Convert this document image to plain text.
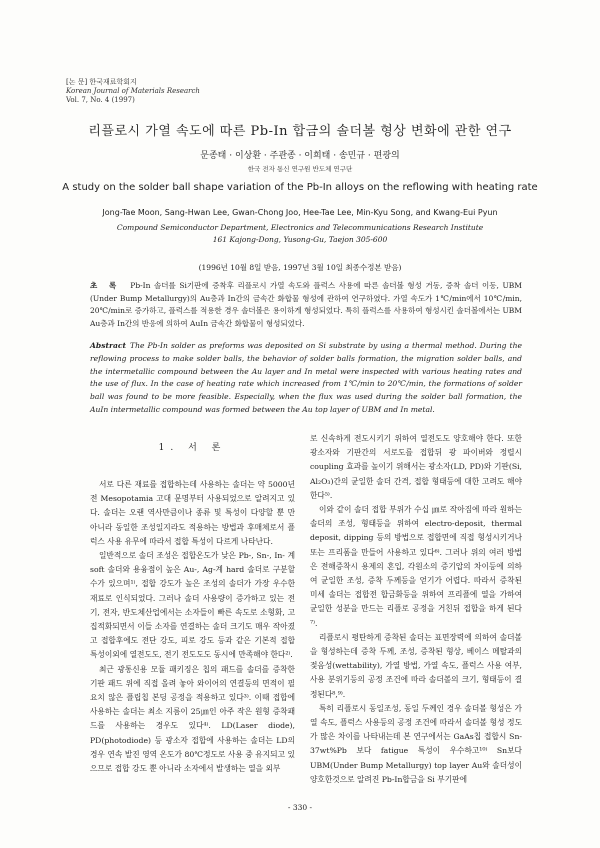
[논 문] 한국재료학회지
Korean Journal of Materials Research
Vol. 7, No. 4 (1997)
리플로시 가열 속도에 따른 Pb-In 합금의 솔더볼 형상 변화에 관한 연구
문종태 · 이상환 · 주관종 · 이희태 · 송민규 · 편광의
한국 전자 통신 연구원 반도체 연구단
A study on the solder ball shape variation of the Pb-In alloys on the reflowing with heating rate
Jong-Tae Moon, Sang-Hwan Lee, Gwan-Chong Joo, Hee-Tae Lee, Min-Kyu Song, and Kwang-Eui Pyun
Compound Semiconductor Department, Electronics and Telecommunications Research Institute
161 Kajong-Dong, Yusong-Gu, Taejon 305-600
(1996년 10월 8일 받음, 1997년 3월 10일 최종수정본 받음)
초 록 Pb-In 솔더를 Si기판에 증착후 리플로시 가열 속도와 플럭스 사용에 따른 솔더볼 형성 거동, 증착 솔더 이동, UBM (Under Bump Metallurgy)의 Au층과 In간의 금속간 화합물 형성에 관하여 연구하였다. 가열 속도가 1℃/min에서 10℃/min, 20℃/min로 증가하고, 플럭스를 적용한 경우 솔더볼은 용이하게 형성되었다. 특히 플럭스를 사용하여 형성시킨 솔더볼에서는 UBM Au층과 In간의 반응에 의하여 AuIn 금속간 화합물이 형성되었다.
Abstract The Pb-In solder as preforms was deposited on Si substrate by using a thermal method. During the reflowing process to make solder balls, the behavior of solder balls formation, the migration solder balls, and the intermetallic compound between the Au layer and In metal were inspected with various heating rates and the use of flux. In the case of heating rate which increased from 1℃/min to 20℃/min, the formations of solder ball was found to be more feasible. Especially, when the flux was used during the solder ball formation, the AuIn intermetallic compound was formed between the Au top layer of UBM and In metal.
1. 서 론

서로 다른 재료를 접합하는데 사용하는 솔더는 약 5000년전 Mesopotamia 고대 문명부터 사용되었으로 알려지고 있다. 솔더는 오랜 역사만큼이나 종류 및 특성이 다양할 뿐 만 아니라 동일한 조성일지라도 적용하는 방법과 후매체로서 플럭스 사용 유무에 따라서 접합 특성이 다르게 나타난다.

일반적으로 솔더 조성은 접합온도가 낮은 Pb-, Sn-, In- 계 soft 솔더와 용융점이 높은 Au-, Ag-계 hard 솔더로 구분할 수가 있으며¹⁾, 접합 강도가 높은 조성의 솔더가 가장 우수한 재료로 인식되었다. 그러나 솔더 사용량이 증가하고 있는 전기, 전자, 반도체산업에서는 소자들이 빠른 속도로 소형화, 고집적화되면서 이들 소자를 연결하는 솔더 크기도 매우 작아졌고 접합후에도 전단 강도, 피로 강도 등과 같은 기본적 접합 특성이외에 열전도도, 전기 전도도도 동시에 만족해야 한다²⁾.

최근 광통신용 모듈 패키징은 칩의 패드를 솔더를 증착한 기판 패드 위에 직접 올려 놓아 와이어의 연결등의 면적이 필요치 않은 플립칩 본딩 공정을 적용하고 있다³⁾. 이때 접합에 사용하는 솔더는 최소 지름이 25㎛인 아주 작은 원형 증착패드를 사용하는 경우도 있다⁴⁾. LD(Laser diode), PD(photodiode) 등 광소자 접합에 사용하는 솔더는 LD의 경우 연속 발진 영역 온도가 80℃정도로 사용 중 유지되고 있으므로 접합 강도 뿐 아니라 소자에서 발생하는 열을 외부

로 신속하게 전도시키기 위하여 열전도도 양호해야 한다. 또한 광소자와 기판간의 서로도를 접합뒤 광 파이버와 정렬시 coupling 효과를 높이기 위해서는 광소자(LD, PD)와 기판(Si, Al₂O₃)간의 균일한 솔더 간격, 접합 형태등에 대한 고려도 해야 한다⁵⁾.

이와 같이 솔더 접합 부위가 수십 ㎛로 작아짐에 따라 원하는 솔더의 조성, 형태등을 위하여 electro-deposit, thermal deposit, dipping 등의 방법으로 접합면에 직접 형성시키거나 또는 프리폼을 만들어 사용하고 있다⁶⁾. 그러나 위의 여러 방법은 전해증착시 용제의 혼입, 각원소의 증기압의 차이등에 의하여 균일한 조성, 증착 두께등을 얻기가 어렵다. 따라서 증착된 미세 솔더는 접합전 합금화등을 위하여 프리플에 열을 가하여 균일한 성분을 만드는 리플로 공정을 거친뒤 접합을 하게 된다⁷⁾.

리플로시 평탄하게 증착된 솔더는 표면장력에 의하여 솔더볼을 형성하는데 증착 두께, 조성, 증착된 형상, 베이스 메탈과의 젖음성(wettability), 가열 방법, 가열 속도, 플럭스 사용 여부, 사용 분위기등의 공정 조건에 따라 솔더볼의 크기, 형태등이 결정된다⁸,⁹⁾.

특히 리플로시 동일조성, 동일 두께인 경우 솔더볼 형성은 가열 속도, 플럭스 사용등의 공정 조건에 따라서 솔더볼 형성 정도가 많은 차이를 나타내는데 본 연구에서는 GaAs칩 접합시 Sn-37wt%Pb 보다 fatigue 특성이 우수하고¹⁰⁾ Sn보다 UBM(Under Bump Metallurgy) top layer Au와 솔더성이 양호한것으로 알려진 Pb-In합금을 Si 부기판에

- 330 -
